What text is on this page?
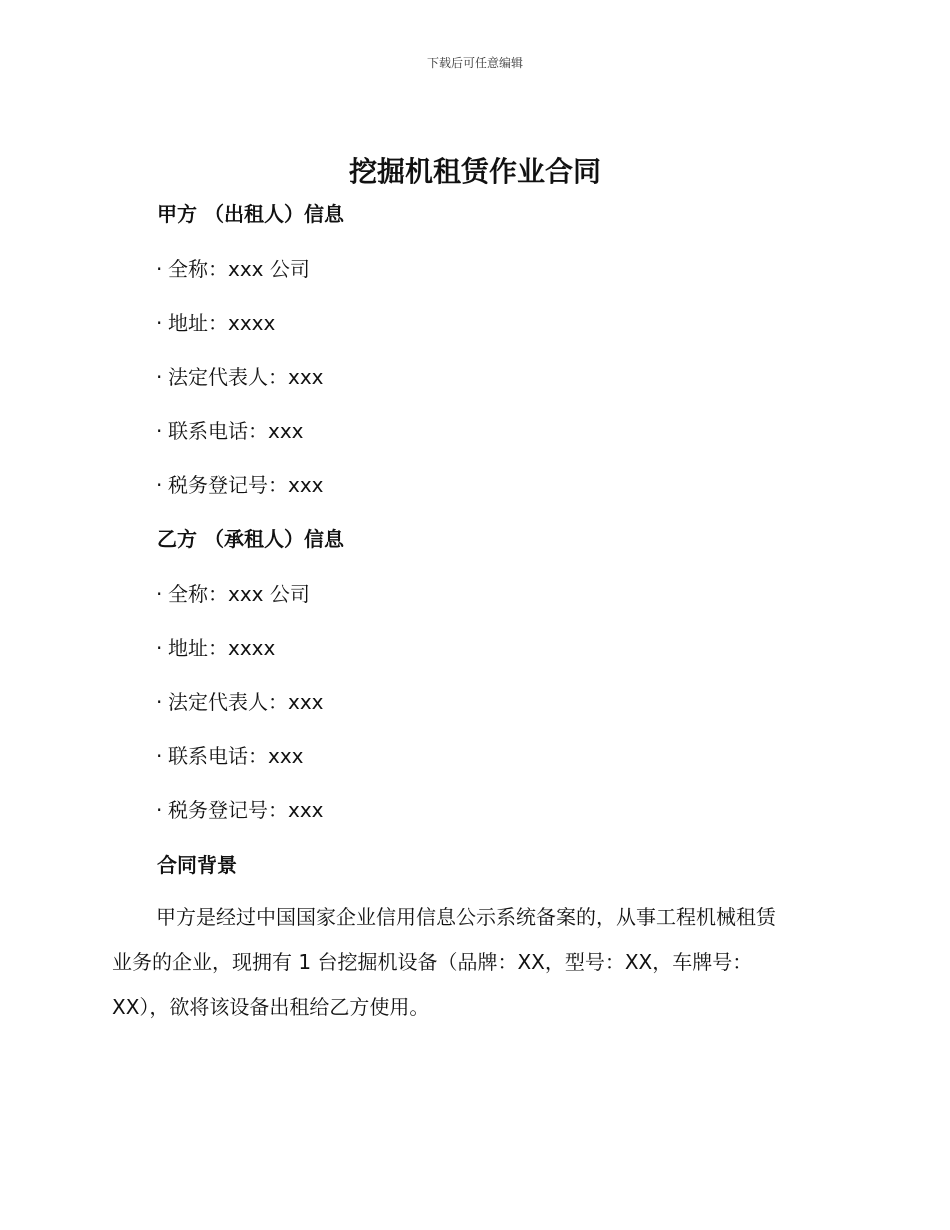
下载后可任意编辑
挖掘机租赁作业合同
甲方 （出租人）信息

· 全称：xxx 公司

· 地址：xxxx

· 法定代表人：xxx

· 联系电话：xxx

· 税务登记号：xxx

乙方 （承租人）信息

· 全称：xxx 公司

· 地址：xxxx

· 法定代表人：xxx

· 联系电话：xxx

· 税务登记号：xxx

合同背景

甲方是经过中国国家企业信用信息公示系统备案的，从事工程机械租赁
业务的企业，现拥有 1 台挖掘机设备（品牌：XX，型号：XX，车牌号：
XX），欲将该设备出租给乙方使用。
